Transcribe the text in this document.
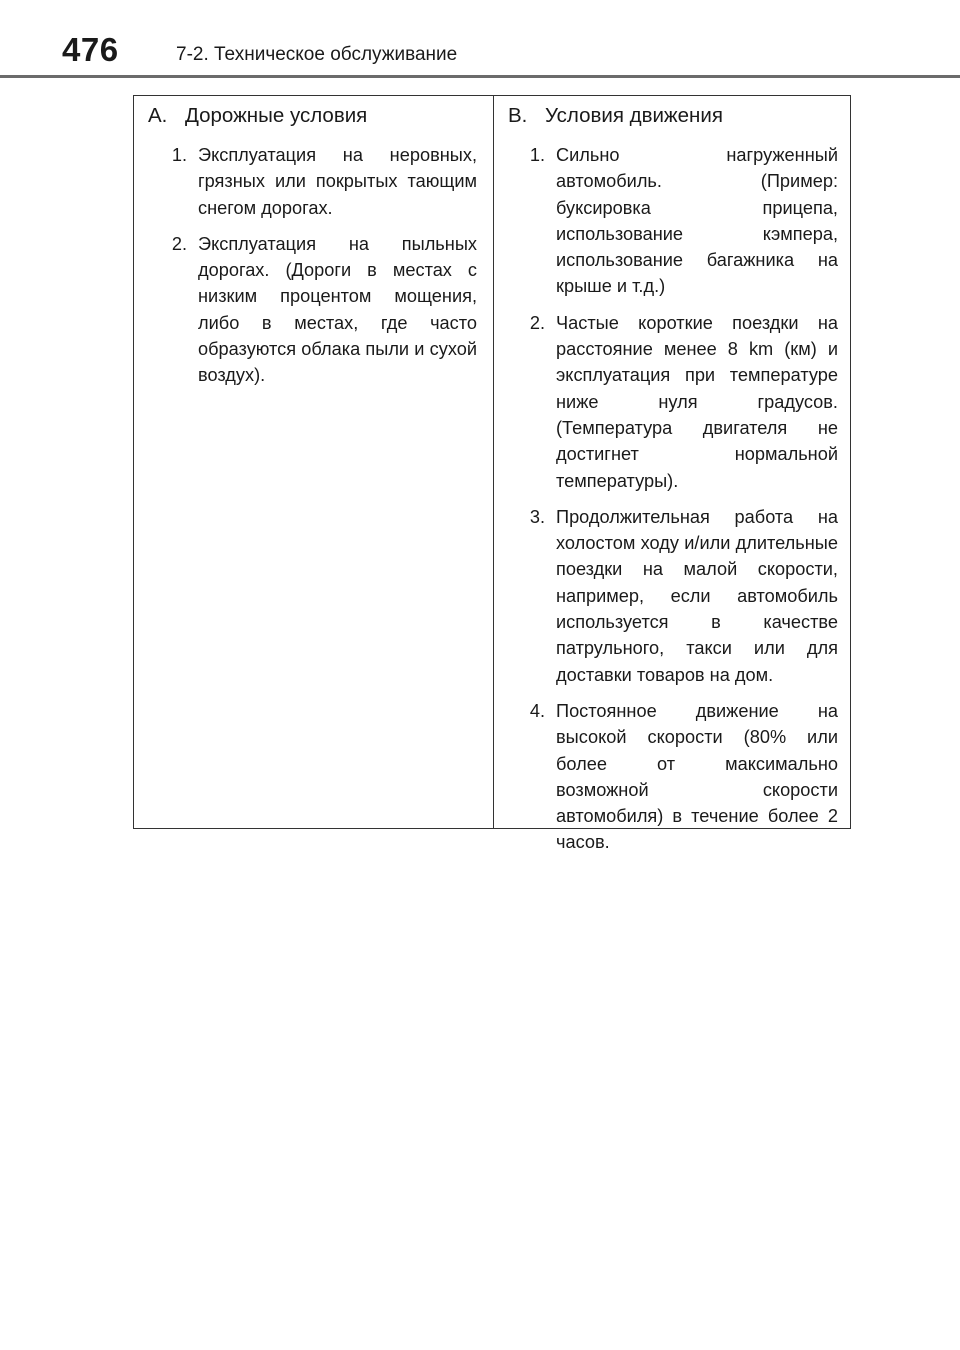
476	7-2. Техническое обслуживание
A. Дорожные условия
1. Эксплуатация на неровных, грязных или покрытых тающим снегом дорогах.
2. Эксплуатация на пыльных дорогах. (Дороги в местах с низким процентом мощения, либо в местах, где часто образуются облака пыли и сухой воздух).
B. Условия движения
1. Сильно нагруженный автомобиль. (Пример: буксировка прицепа, использование кэмпера, использование багажника на крыше и т.д.)
2. Частые короткие поездки на расстояние менее 8 km (км) и эксплуатация при температуре ниже нуля градусов. (Температура двигателя не достигнет нормальной температуры).
3. Продолжительная работа на холостом ходу и/или длительные поездки на малой скорости, например, если автомобиль используется в качестве патрульного, такси или для доставки товаров на дом.
4. Постоянное движение на высокой скорости (80% или более от максимально возможной скорости автомобиля) в течение более 2 часов.
